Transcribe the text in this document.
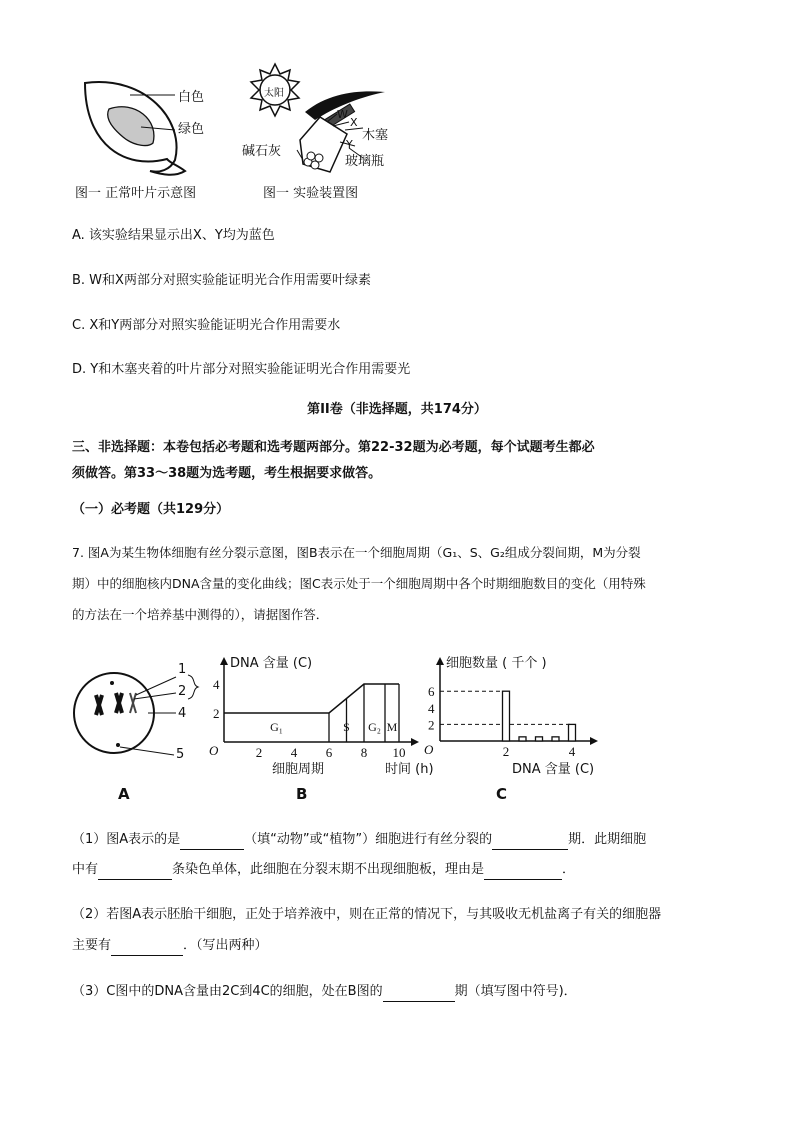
白色
绿色
图一 正常叶片示意图
太阳
W
X
Y
木塞
碱石灰
玻璃瓶
图一 实验装置图
A. 该实验结果显示出X、Y均为蓝色
B. W和X两部分对照实验能证明光合作用需要叶绿素
C. X和Y两部分对照实验能证明光合作用需要水
D. Y和木塞夹着的叶片部分对照实验能证明光合作用需要光
第II卷（非选择题，共174分）
三、非选择题：本卷包括必考题和选考题两部分。第22-32题为必考题，每个试题考生都必
须做答。第33～38题为选考题，考生根据要求做答。
（一）必考题（共129分）
7. 图A为某生物体细胞有丝分裂示意图，图B表示在一个细胞周期（G₁、S、G₂组成分裂间期，M为分裂
期）中的细胞核内DNA含量的变化曲线；图C表示处于一个细胞周期中各个时期细胞数目的变化（用特殊
的方法在一个培养基中测得的），请据图作答．
1
2
4
5
A
O
4
2
2 4 6 8 10
G₁	S G₂ M
DNA 含量 (C)
细胞周期	时间 (h)
B
O
6
4
2
2	4
细胞数量 ( 千个 )
DNA 含量 (C)
C
（1）图A表示的是	（填“动物”或“植物”）细胞进行有丝分裂的	期．此期细胞
中有	条染色单体，此细胞在分裂末期不出现细胞板，理由是	．
（2）若图A表示胚胎干细胞，正处于培养液中，则在正常的情况下，与其吸收无机盐离子有关的细胞器
主要有	．（写出两种）
（3）C图中的DNA含量由2C到4C的细胞，处在B图的	期（填写图中符号)．
